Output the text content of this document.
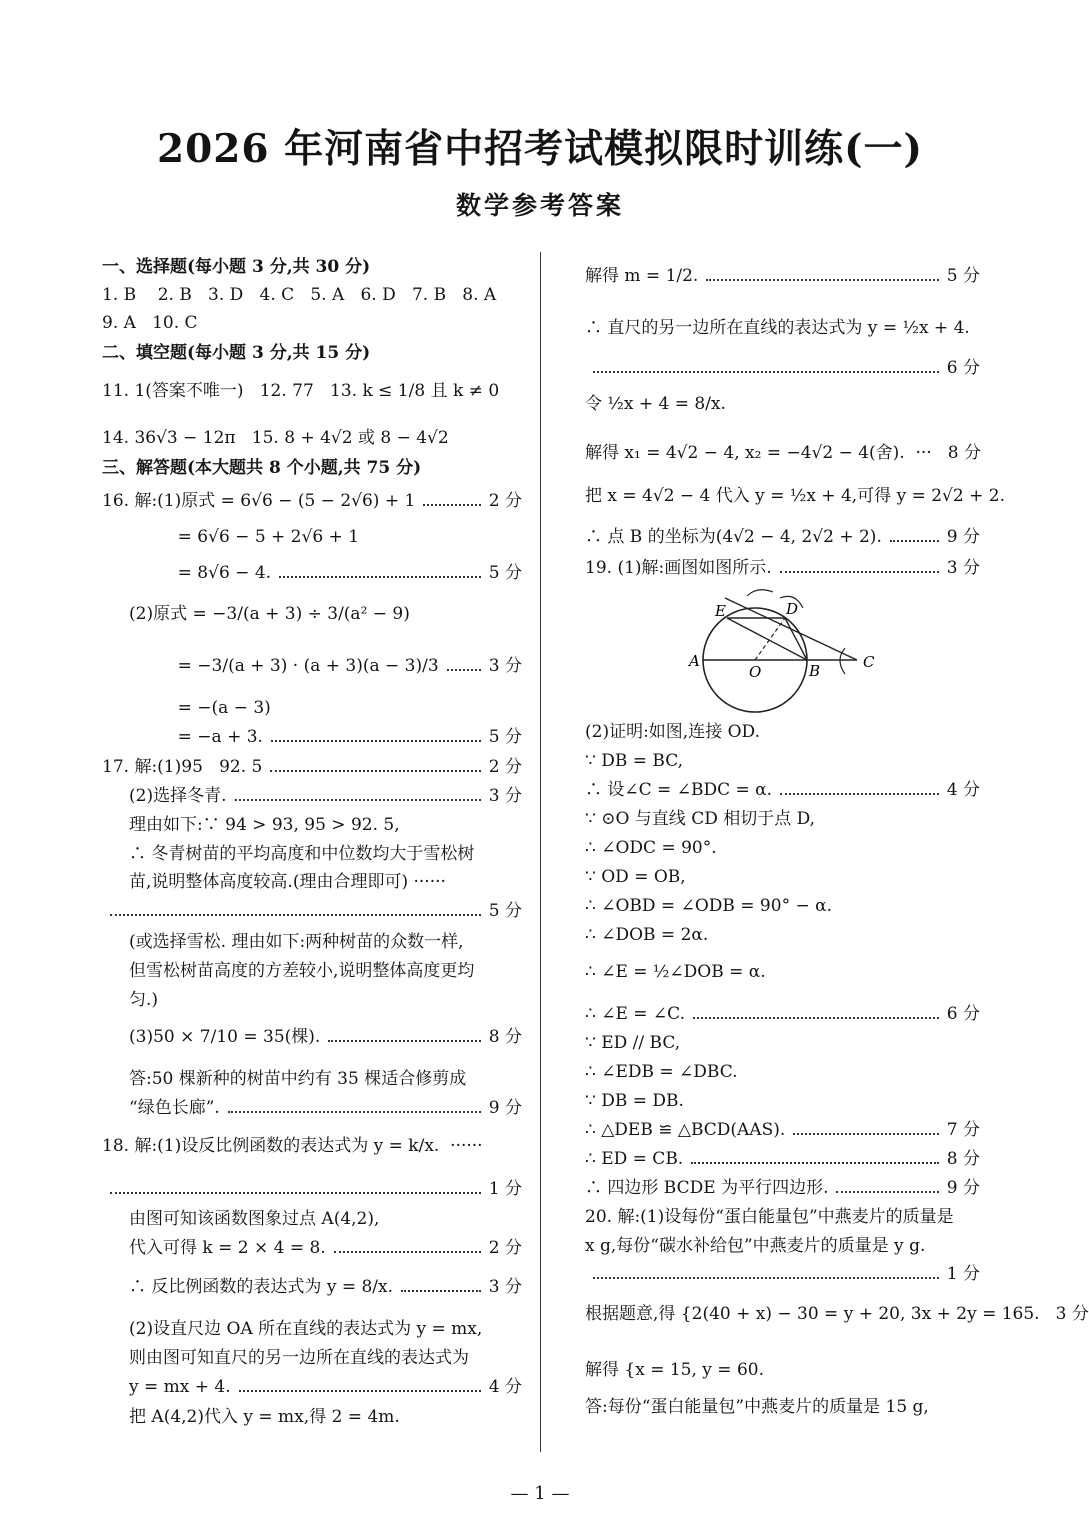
2026 年河南省中招考试模拟限时训练(一)
数学参考答案
一、选择题(每小题 3 分,共 30 分)
1. B    2. B   3. D   4. C   5. A   6. D   7. B   8. A
9. A   10. C
二、填空题(每小题 3 分,共 15 分)
11. 1(答案不唯一)   12. 77   13. k ≤ 1/8 且 k ≠ 0
14. 36√3 − 12π   15. 8 + 4√2 或 8 − 4√2
三、解答题(本大题共 8 个小题,共 75 分)
16. 解:(1)原式 = 6√6 − (5 − 2√6) + 1	2 分
= 6√6 − 5 + 2√6 + 1
= 8√6 − 4.	5 分
(2)原式 = −3/(a + 3) ÷ 3/(a² − 9)
= −3/(a + 3) · (a + 3)(a − 3)/3	3 分
= −(a − 3)
= −a + 3.	5 分
17. 解:(1)95   92. 5	2 分
(2)选择冬青.	3 分
理由如下:∵ 94 > 93, 95 > 92. 5,
∴ 冬青树苗的平均高度和中位数均大于雪松树
苗,说明整体高度较高.(理由合理即可) ······
5 分
(或选择雪松. 理由如下:两种树苗的众数一样,
但雪松树苗高度的方差较小,说明整体高度更均
匀.)
(3)50 × 7/10 = 35(棵).	8 分
答:50 棵新种的树苗中约有 35 棵适合修剪成
“绿色长廊”.	9 分
18. 解:(1)设反比例函数的表达式为 y = k/x.  ······
1 分
由图可知该函数图象过点 A(4,2),
代入可得 k = 2 × 4 = 8.	2 分
∴ 反比例函数的表达式为 y = 8/x.	3 分
(2)设直尺边 OA 所在直线的表达式为 y = mx,
则由图可知直尺的另一边所在直线的表达式为
y = mx + 4.	4 分
把 A(4,2)代入 y = mx,得 2 = 4m.
解得 m = 1/2.	5 分
∴ 直尺的另一边所在直线的表达式为 y = ½x + 4.
6 分
令 ½x + 4 = 8/x.
解得 x₁ = 4√2 − 4, x₂ = −4√2 − 4(舍).  ··· 8 分
把 x = 4√2 − 4 代入 y = ½x + 4,可得 y = 2√2 + 2.
∴ 点 B 的坐标为(4√2 − 4, 2√2 + 2).	9 分
19. (1)解:画图如图所示.	3 分
(2)证明:如图,连接 OD.
∵ DB = BC,
∴ 设∠C = ∠BDC = α.	4 分
∵ ⊙O 与直线 CD 相切于点 D,
∴ ∠ODC = 90°.
∵ OD = OB,
∴ ∠OBD = ∠ODB = 90° − α.
∴ ∠DOB = 2α.
∴ ∠E = ½∠DOB = α.
∴ ∠E = ∠C.	6 分
∵ ED // BC,
∴ ∠EDB = ∠DBC.
∵ DB = DB.
∴ △DEB ≌ △BCD(AAS).	7 分
∴ ED = CB.	8 分
∴ 四边形 BCDE 为平行四边形.	9 分
20. 解:(1)设每份“蛋白能量包”中燕麦片的质量是
x g,每份“碳水补给包”中燕麦片的质量是 y g.
1 分
根据题意,得 {2(40 + x) − 30 = y + 20, 3x + 2y = 165. 3 分
解得 {x = 15, y = 60.
答:每份“蛋白能量包”中燕麦片的质量是 15 g,
A
O	B	C
D
E
— 1 —
